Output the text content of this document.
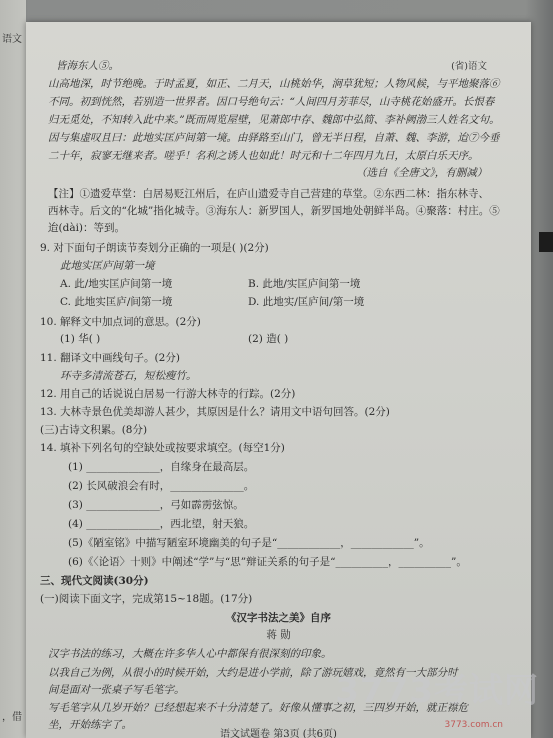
语文
，借
(省)语文
皆海东人⑤。
山高地深，时节绝晚。于时孟夏，如正、二月天，山桃始华，涧草犹短；人物风候，与平地聚落⑥
不同。初到恍然，若别造一世界者。因口号绝句云：“人间四月芳菲尽，山寺桃花始盛开。长恨春
归无觅处，不知转入此中来。”既而周览屋壁，见萧郎中存、魏郎中弘简、李补阙渤三人姓名文句。
因与集虚叹且曰：此地实匡庐间第一境。由驿路至山门，曾无半日程，自萧、魏、李游，迨⑦今垂
二十年，寂寥无继来者。嗟乎！名利之诱人也如此！时元和十二年四月九日，太原白乐天序。
（选自《全唐文》，有删减）
【注】①遗爱草堂：白居易贬江州后，在庐山遗爱寺自己营建的草堂。②东西二林：指东林寺、
西林寺。后文的“化城”指化城寺。③海东人：新罗国人，新罗国地处朝鲜半岛。④聚落：村庄。⑤
迨(dài)：等到。
9. 对下面句子朗读节奏划分正确的一项是( )(2分)
此地实匡庐间第一境
A. 此/地实匡庐间第一境	B. 此地/实匡庐间第一境
C. 此地实匡庐/间第一境	D. 此地实/匡庐间/第一境
10. 解释文中加点词的意思。(2分)
(1) 华( )	(2) 造( )
11. 翻译文中画线句子。(2分)
环寺多清流苍石，短松瘦竹。
12. 用自己的话说说白居易一行游大林寺的行踪。(2分)
13. 大林寺景色优美却游人甚少，其原因是什么？请用文中语句回答。(2分)
(三)古诗文积累。(8分)
14. 填补下列名句的空缺处或按要求填空。(每空1分)
(1) ______________，自缘身在最高层。
(2) 长风破浪会有时，______________。
(3) ______________，弓如霹雳弦惊。
(4) ______________，西北望，射天狼。
(5)《陋室铭》中描写陋室环境幽美的句子是“____________，____________”。
(6)《〈论语〉十则》中阐述“学”与“思”辩证关系的句子是“__________，__________”。
三、现代文阅读(30分)
(一)阅读下面文字，完成第15~18题。(17分)
《汉字书法之美》自序
蒋 勋
汉字书法的练习，大概在许多华人心中都保有很深刻的印象。
以我自己为例，从很小的时候开始，大约是进小学前，除了游玩嬉戏，竟然有一大部分时
间是面对一张桌子写毛笔字。
写毛笔字从几岁开始？已经想起来不十分清楚了。好像从懂事之初，三四岁开始，就正襟危
坐，开始练字了。
语文试题卷 第3页 (共6页)
3773考试网
3773.com.cn
